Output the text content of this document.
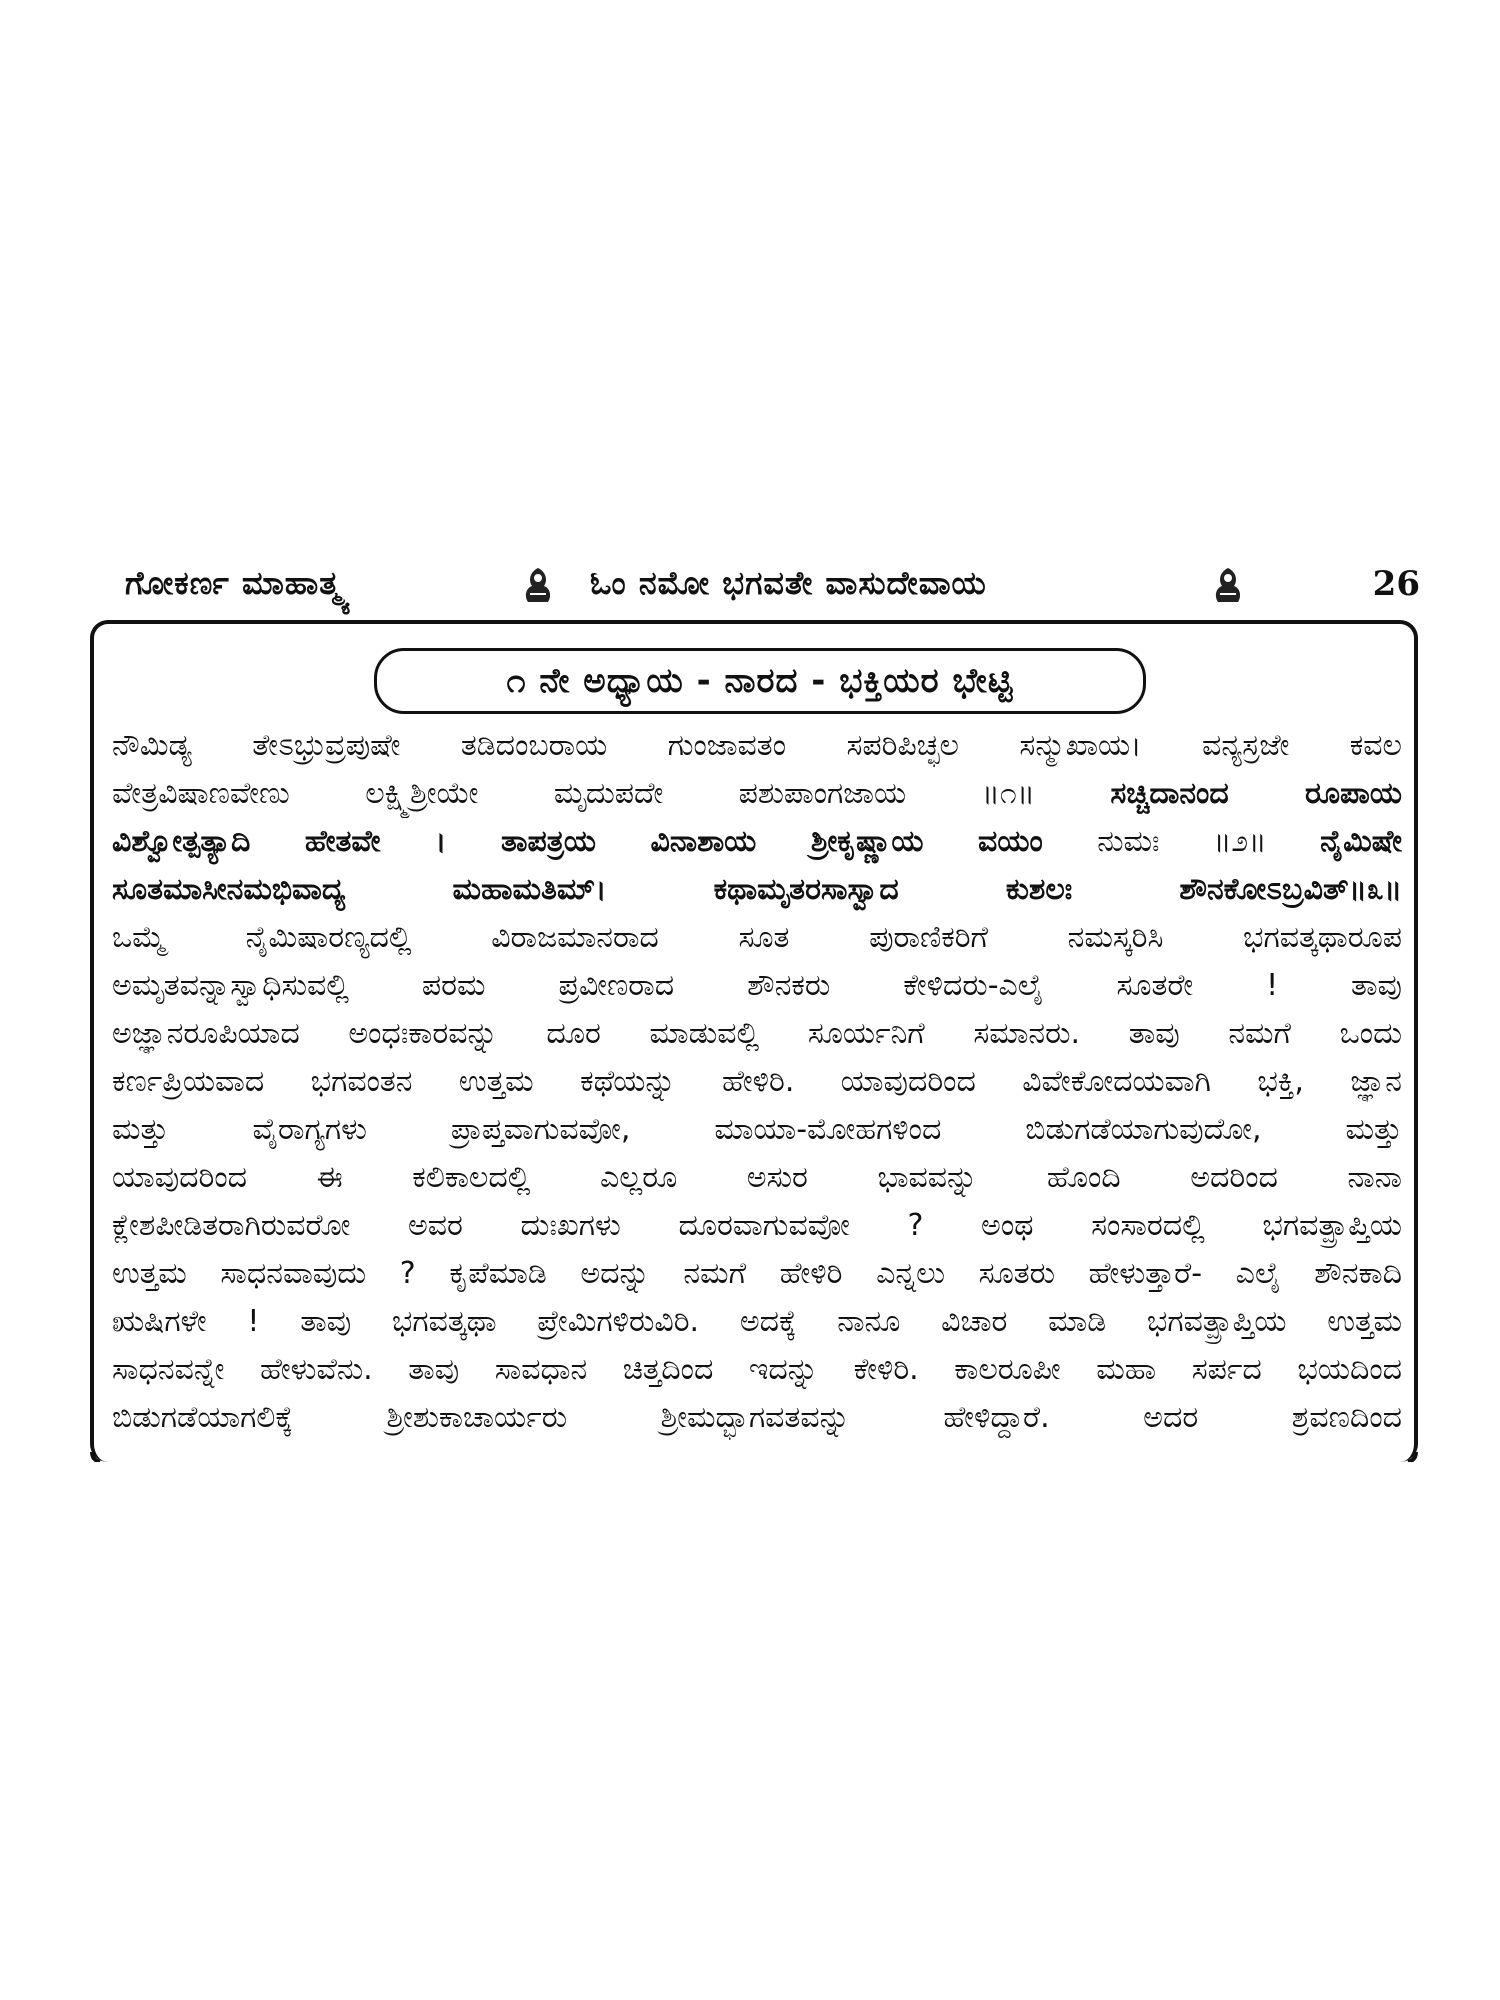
ಗೋಕರ್ಣ ಮಾಹಾತ್ಮ್ಯ	ಓಂ ನಮೋ ಭಗವತೇ ವಾಸುದೇವಾಯ	26
೧ ನೇ ಅಧ್ಯಾಯ - ನಾರದ - ಭಕ್ತಿಯರ ಭೇಟ್ಟಿ
ನೌಮಿಡ್ಯ ತೇಽಭ್ರುವ್ರಪುಷೇ ತಡಿದಂಬರಾಯ ಗುಂಜಾವತಂ ಸಪರಿಪಿಚ್ಛಲ ಸನ್ಮುಖಾಯ। ವನ್ಯಸ್ರಜೇ ಕವಲ
ವೇತ್ರವಿಷಾಣವೇಣು ಲಕ್ಷ್ಮಿಶ್ರೀಯೇ ಮೃದುಪದೇ ಪಶುಪಾಂಗಜಾಯ ॥೧॥ ಸಚ್ಚಿದಾನಂದ ರೂಪಾಯ
ವಿಶ್ವೋತ್ಪತ್ಯಾದಿ ಹೇತವೇ । ತಾಪತ್ರಯ ವಿನಾಶಾಯ ಶ್ರೀಕೃಷ್ಣಾಯ ವಯಂ ನುಮಃ ॥೨॥ ನೈಮಿಷೇ
ಸೂತಮಾಸೀನಮಭಿವಾದ್ಯ ಮಹಾಮತಿಮ್। ಕಥಾಮೃತರಸಾಸ್ವಾದ ಕುಶಲಃ ಶೌನಕೋಽಬ್ರವಿತ್॥೩॥
ಒಮ್ಮೆ ನೈಮಿಷಾರಣ್ಯದಲ್ಲಿ ವಿರಾಜಮಾನರಾದ ಸೂತ ಪುರಾಣಿಕರಿಗೆ ನಮಸ್ಕರಿಸಿ ಭಗವತ್ಕಥಾರೂಪ
ಅಮೃತವನ್ನಾಸ್ವಾಧಿಸುವಲ್ಲಿ ಪರಮ ಪ್ರವೀಣರಾದ ಶೌನಕರು ಕೇಳಿದರು-ಎಲೈ ಸೂತರೇ ! ತಾವು
ಅಜ್ಞಾನರೂಪಿಯಾದ ಅಂಧಃಕಾರವನ್ನು ದೂರ ಮಾಡುವಲ್ಲಿ ಸೂರ್ಯನಿಗೆ ಸಮಾನರು. ತಾವು ನಮಗೆ ಒಂದು
ಕರ್ಣಪ್ರಿಯವಾದ ಭಗವಂತನ ಉತ್ತಮ ಕಥೆಯನ್ನು ಹೇಳಿರಿ. ಯಾವುದರಿಂದ ವಿವೇಕೋದಯವಾಗಿ ಭಕ್ತಿ, ಜ್ಞಾನ
ಮತ್ತು ವೈರಾಗ್ಯಗಳು ಪ್ರಾಪ್ತವಾಗುವವೋ, ಮಾಯಾ-ಮೋಹಗಳಿಂದ ಬಿಡುಗಡೆಯಾಗುವುದೋ, ಮತ್ತು
ಯಾವುದರಿಂದ ಈ ಕಲಿಕಾಲದಲ್ಲಿ ಎಲ್ಲರೂ ಅಸುರ ಭಾವವನ್ನು ಹೊಂದಿ ಅದರಿಂದ ನಾನಾ
ಕ್ಲೇಶಪೀಡಿತರಾಗಿರುವರೋ ಅವರ ದುಃಖಗಳು ದೂರವಾಗುವವೋ ? ಅಂಥ ಸಂಸಾರದಲ್ಲಿ ಭಗವತ್ಪ್ರಾಪ್ತಿಯ
ಉತ್ತಮ ಸಾಧನವಾವುದು ? ಕೃಪೆಮಾಡಿ ಅದನ್ನು ನಮಗೆ ಹೇಳಿರಿ ಎನ್ನಲು ಸೂತರು ಹೇಳುತ್ತಾರೆ- ಎಲೈ ಶೌನಕಾದಿ
ಋಷಿಗಳೇ ! ತಾವು ಭಗವತ್ಕಥಾ ಪ್ರೇಮಿಗಳಿರುವಿರಿ. ಅದಕ್ಕೆ ನಾನೂ ವಿಚಾರ ಮಾಡಿ ಭಗವತ್ಪ್ರಾಪ್ತಿಯ ಉತ್ತಮ
ಸಾಧನವನ್ನೇ ಹೇಳುವೆನು. ತಾವು ಸಾವಧಾನ ಚಿತ್ತದಿಂದ ಇದನ್ನು ಕೇಳಿರಿ. ಕಾಲರೂಪೀ ಮಹಾ ಸರ್ಪದ ಭಯದಿಂದ
ಬಿಡುಗಡೆಯಾಗಲಿಕ್ಕೆ ಶ್ರೀಶುಕಾಚಾರ್ಯರು ಶ್ರೀಮದ್ಭಾಗವತವನ್ನು ಹೇಳಿದ್ದಾರೆ. ಅದರ ಶ್ರವಣದಿಂದ
